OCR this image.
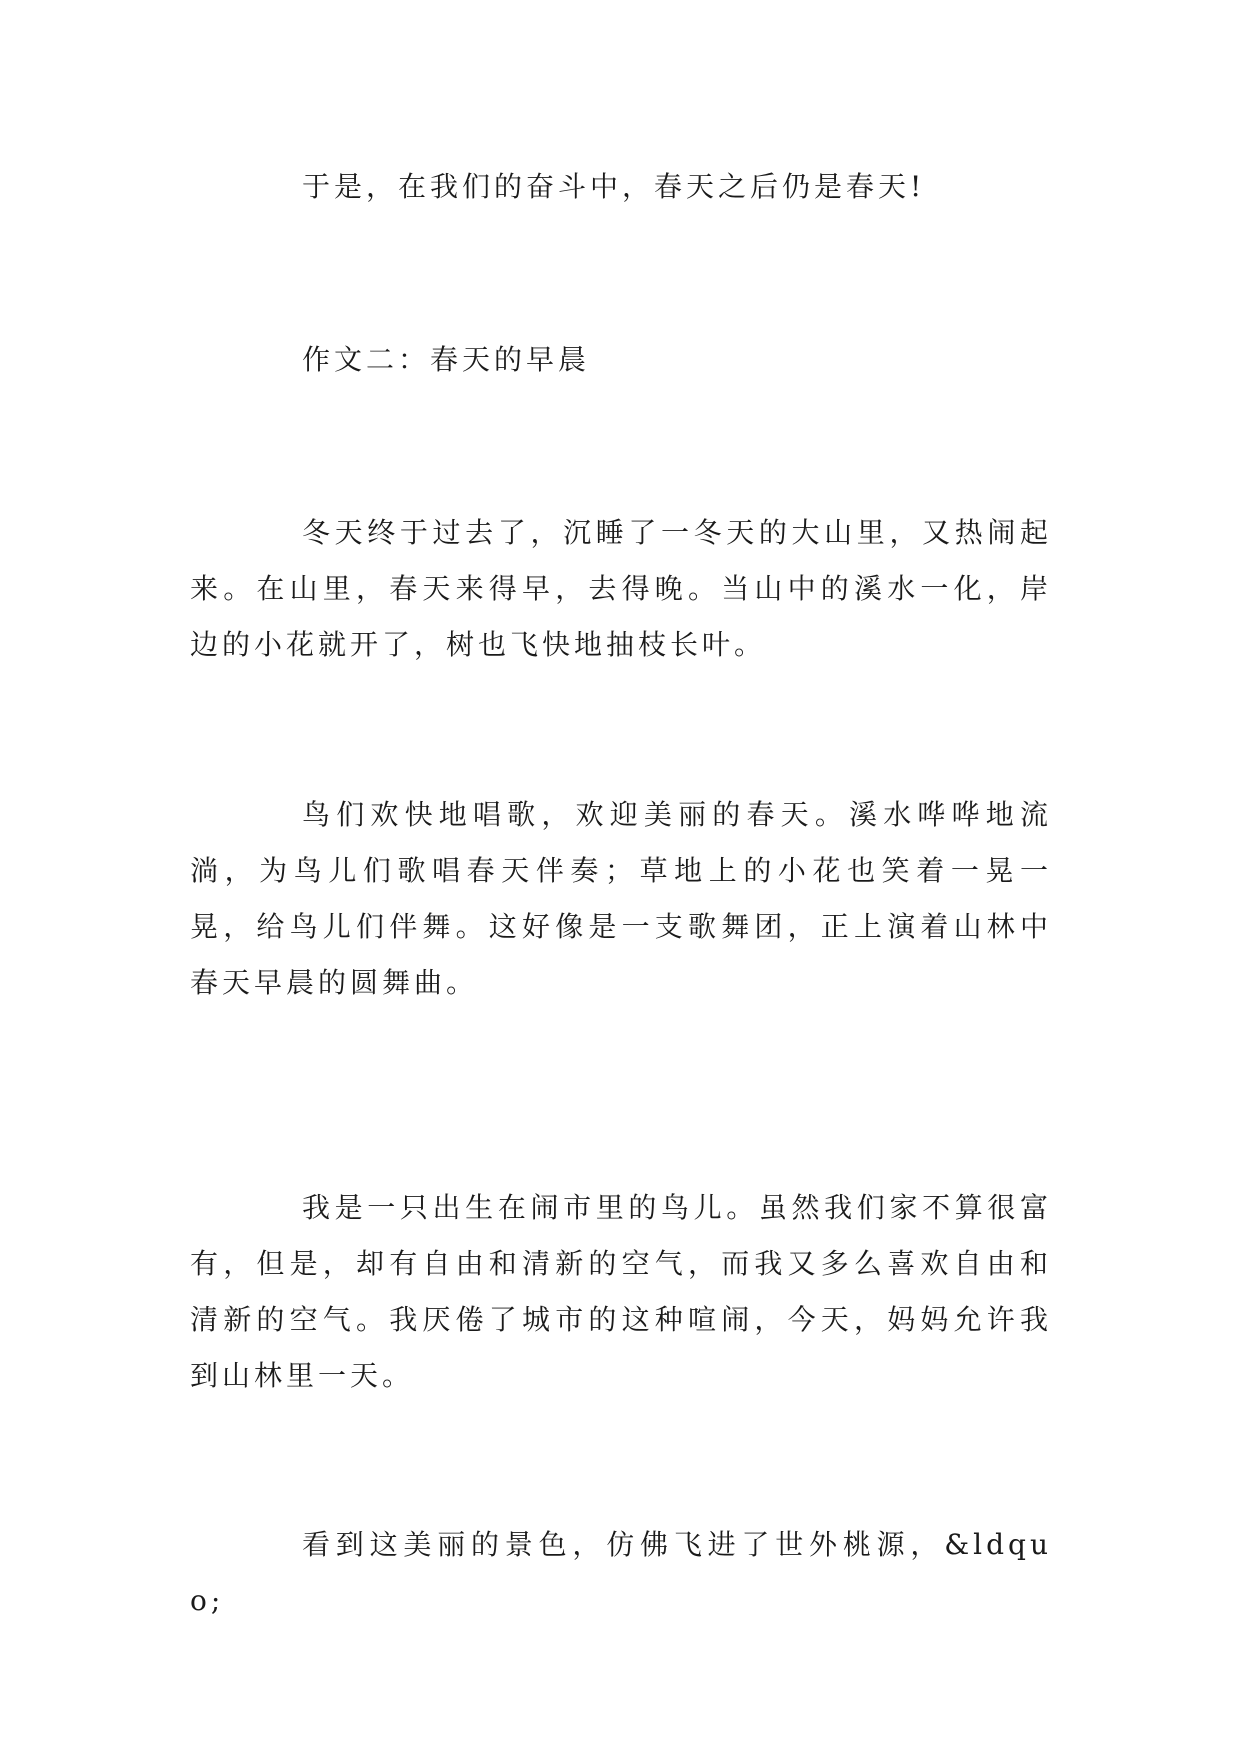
于是，在我们的奋斗中，春天之后仍是春天!

作文二：春天的早晨

冬天终于过去了，沉睡了一冬天的大山里，又热闹起来。在山里，春天来得早，去得晚。当山中的溪水一化，岸边的小花就开了，树也飞快地抽枝长叶。

鸟们欢快地唱歌，欢迎美丽的春天。溪水哗哗地流淌，为鸟儿们歌唱春天伴奏；草地上的小花也笑着一晃一晃，给鸟儿们伴舞。这好像是一支歌舞团，正上演着山林中春天早晨的圆舞曲。

我是一只出生在闹市里的鸟儿。虽然我们家不算很富有，但是，却有自由和清新的空气，而我又多么喜欢自由和清新的空气。我厌倦了城市的这种喧闹，今天，妈妈允许我到山林里一天。

看到这美丽的景色，仿佛飞进了世外桃源，&ldquo;
